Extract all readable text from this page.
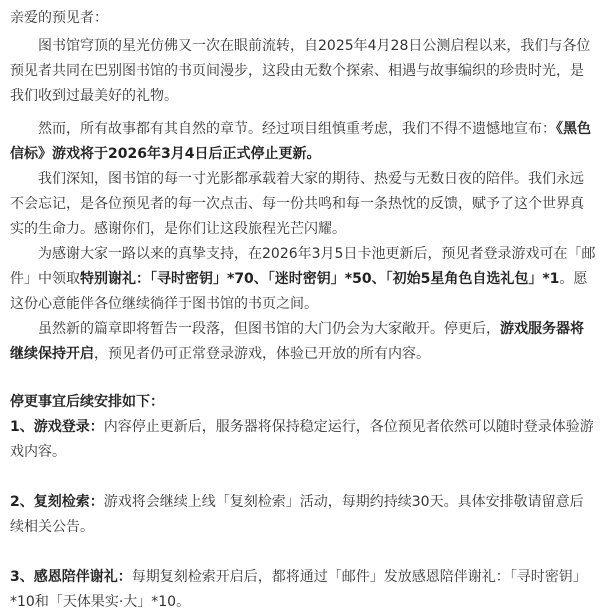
亲爱的预见者：

图书馆穹顶的星光仿佛又一次在眼前流转，自2025年4月28日公测启程以来，我们与各位预见者共同在巴别图书馆的书页间漫步，这段由无数个探索、相遇与故事编织的珍贵时光，是我们收到过最美好的礼物。

然而，所有故事都有其自然的章节。经过项目组慎重考虑，我们不得不遗憾地宣布：《黑色信标》游戏将于2026年3月4日后正式停止更新。

我们深知，图书馆的每一寸光影都承载着大家的期待、热爱与无数日夜的陪伴。我们永远不会忘记，是各位预见者的每一次点击、每一份共鸣和每一条热忱的反馈，赋予了这个世界真实的生命力。感谢你们，是你们让这段旅程光芒闪耀。

为感谢大家一路以来的真挚支持，在2026年3月5日卡池更新后，预见者登录游戏可在「邮件」中领取特别谢礼：「寻时密钥」*70、「迷时密钥」*50、「初始5星角色自选礼包」*1。愿这份心意能伴各位继续徜徉于图书馆的书页之间。

虽然新的篇章即将暂告一段落，但图书馆的大门仍会为大家敞开。停更后，游戏服务器将继续保持开启，预见者仍可正常登录游戏，体验已开放的所有内容。

停更事宜后续安排如下：

1、游戏登录：内容停止更新后，服务器将保持稳定运行，各位预见者依然可以随时登录体验游戏内容。

2、复刻检索：游戏将会继续上线「复刻检索」活动，每期约持续30天。具体安排敬请留意后续相关公告。

3、感恩陪伴谢礼：每期复刻检索开启后，都将通过「邮件」发放感恩陪伴谢礼：「寻时密钥」*10和「天体果实·大」*10。
